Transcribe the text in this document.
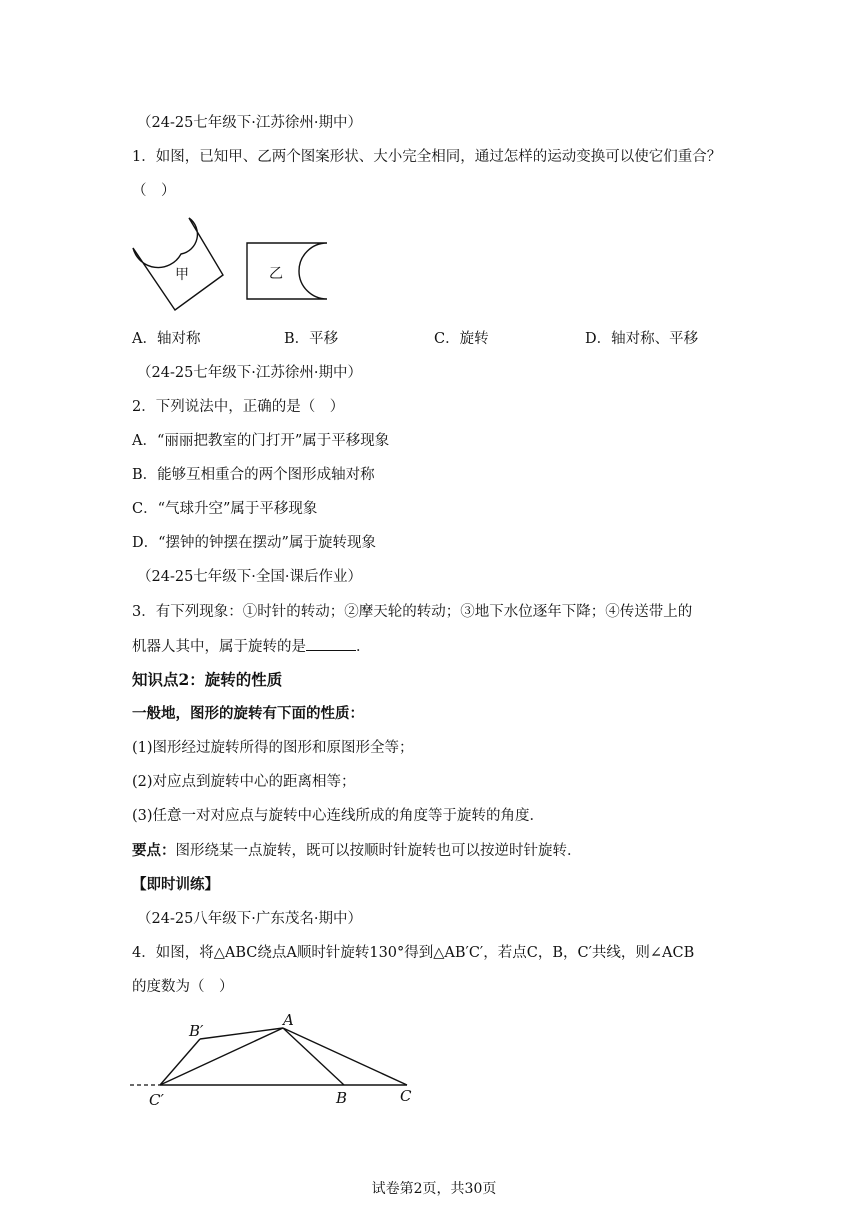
（24-25七年级下·江苏徐州·期中）
1．如图，已知甲、乙两个图案形状、大小完全相同，通过怎样的运动变换可以使它们重合？
（　）
甲	乙
A．轴对称	B．平移	C．旋转	D．轴对称、平移
（24-25七年级下·江苏徐州·期中）
2．下列说法中，正确的是（　）
A．“丽丽把教室的门打开”属于平移现象
B．能够互相重合的两个图形成轴对称
C．“气球升空”属于平移现象
D．“摆钟的钟摆在摆动”属于旋转现象
（24-25七年级下·全国·课后作业）
3．有下列现象：①时针的转动；②摩天轮的转动；③地下水位逐年下降；④传送带上的
机器人其中，属于旋转的是	．
知识点2：旋转的性质
一般地，图形的旋转有下面的性质：
(1)图形经过旋转所得的图形和原图形全等；
(2)对应点到旋转中心的距离相等；
(3)任意一对对应点与旋转中心连线所成的角度等于旋转的角度．
要点：图形绕某一点旋转，既可以按顺时针旋转也可以按逆时针旋转．
【即时训练】
（24-25八年级下·广东茂名·期中）
4．如图，将△ABC绕点A顺时针旋转130°得到△AB′C′，若点C，B，C′共线，则∠ACB
的度数为（　）
A
B′
C′	B	C
试卷第2页，共30页
